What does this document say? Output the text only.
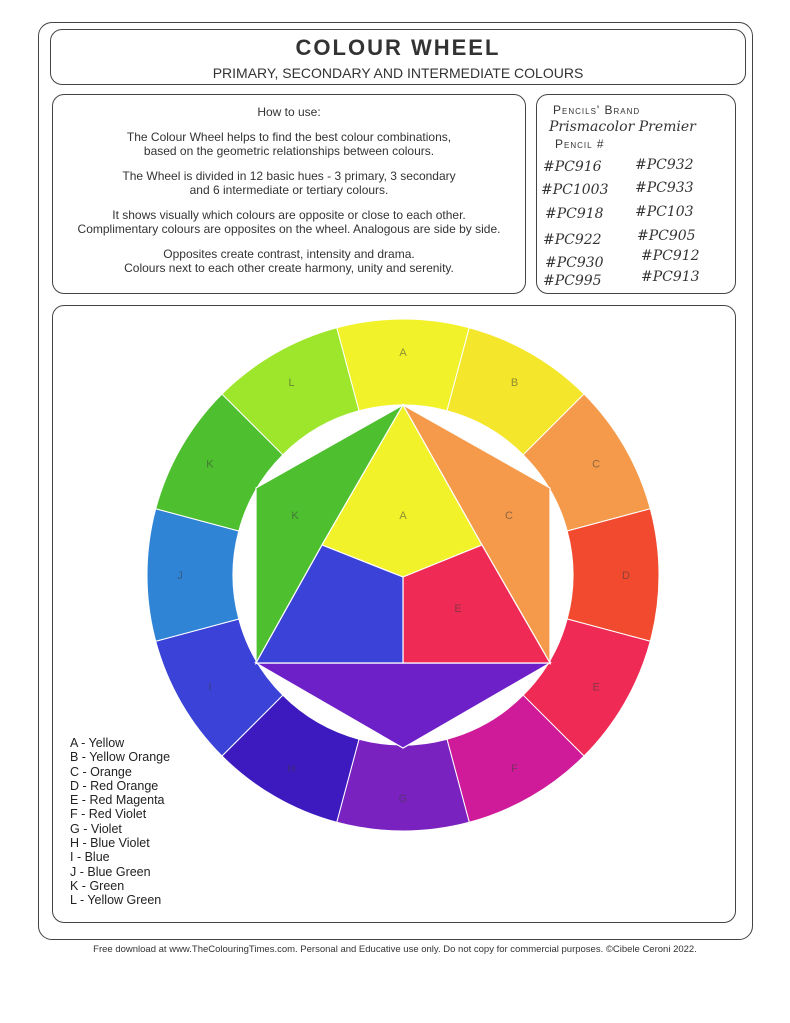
COLOUR WHEEL
PRIMARY, SECONDARY AND INTERMEDIATE COLOURS
How to use:

The Colour Wheel helps to find the best colour combinations,
based on the geometric relationships between colours.

The Wheel is divided in 12 basic hues - 3 primary, 3 secondary
and 6 intermediate or tertiary colours.

It shows visually which colours are opposite or close to each other.
Complimentary colours are opposites on the wheel. Analogous are side by side.

Opposites create contrast, intensity and drama.
Colours next to each other create harmony, unity and serenity.

Pencils' Brand
Prismacolor Premier
Pencil #
#PC916 #PC932
#PC1003 #PC933
#PC918 #PC103
#PC922	#PC905
#PC930	#PC912
#PC995	#PC913
A
B
C
D
E
F
G
H
I
J
K
L
K	C
A
E
A - Yellow
B - Yellow Orange
C - Orange
D - Red Orange
E - Red Magenta
F - Red Violet
G - Violet
H - Blue Violet
I - Blue
J - Blue Green
K - Green
L - Yellow Green
Free download at www.TheColouringTimes.com. Personal and Educative use only. Do not copy for commercial purposes. ©Cibele Ceroni 2022.
